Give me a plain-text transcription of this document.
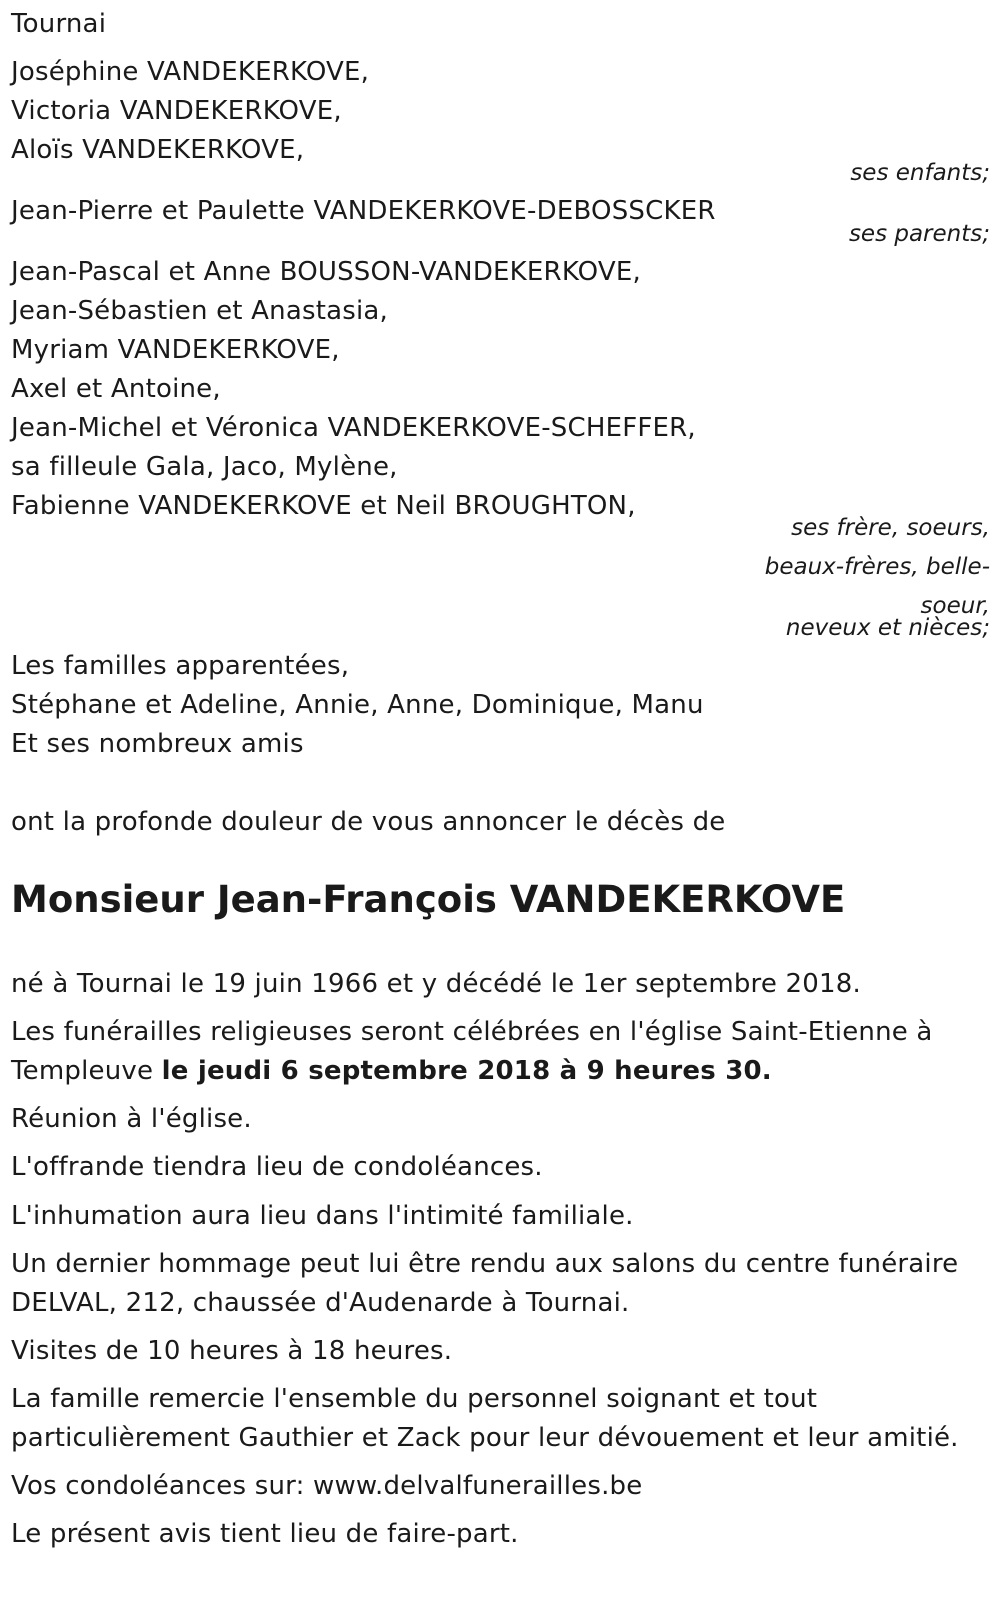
Tournai
Joséphine VANDEKERKOVE,
Victoria VANDEKERKOVE,
Aloïs VANDEKERKOVE,
ses enfants;
Jean-Pierre et Paulette VANDEKERKOVE-DEBOSSCKER
ses parents;
Jean-Pascal et Anne BOUSSON-VANDEKERKOVE,
Jean-Sébastien et Anastasia,
Myriam VANDEKERKOVE,
Axel et Antoine,
Jean-Michel et Véronica VANDEKERKOVE-SCHEFFER,
sa filleule Gala, Jaco, Mylène,
Fabienne VANDEKERKOVE et Neil BROUGHTON,
ses frère, soeurs,
beaux-frères, belle-
soeur,
neveux et nièces;
Les familles apparentées,
Stéphane et Adeline, Annie, Anne, Dominique, Manu
Et ses nombreux amis
ont la profonde douleur de vous annoncer le décès de
Monsieur Jean-François VANDEKERKOVE
né à Tournai le 19 juin 1966 et y décédé le 1er septembre 2018.
Les funérailles religieuses seront célébrées en l'église Saint-Etienne à
Templeuve le jeudi 6 septembre 2018 à 9 heures 30.
Réunion à l'église.
L'offrande tiendra lieu de condoléances.
L'inhumation aura lieu dans l'intimité familiale.
Un dernier hommage peut lui être rendu aux salons du centre funéraire
DELVAL, 212, chaussée d'Audenarde à Tournai.
Visites de 10 heures à 18 heures.
La famille remercie l'ensemble du personnel soignant et tout
particulièrement Gauthier et Zack pour leur dévouement et leur amitié.
Vos condoléances sur: www.delvalfunerailles.be
Le présent avis tient lieu de faire-part.
